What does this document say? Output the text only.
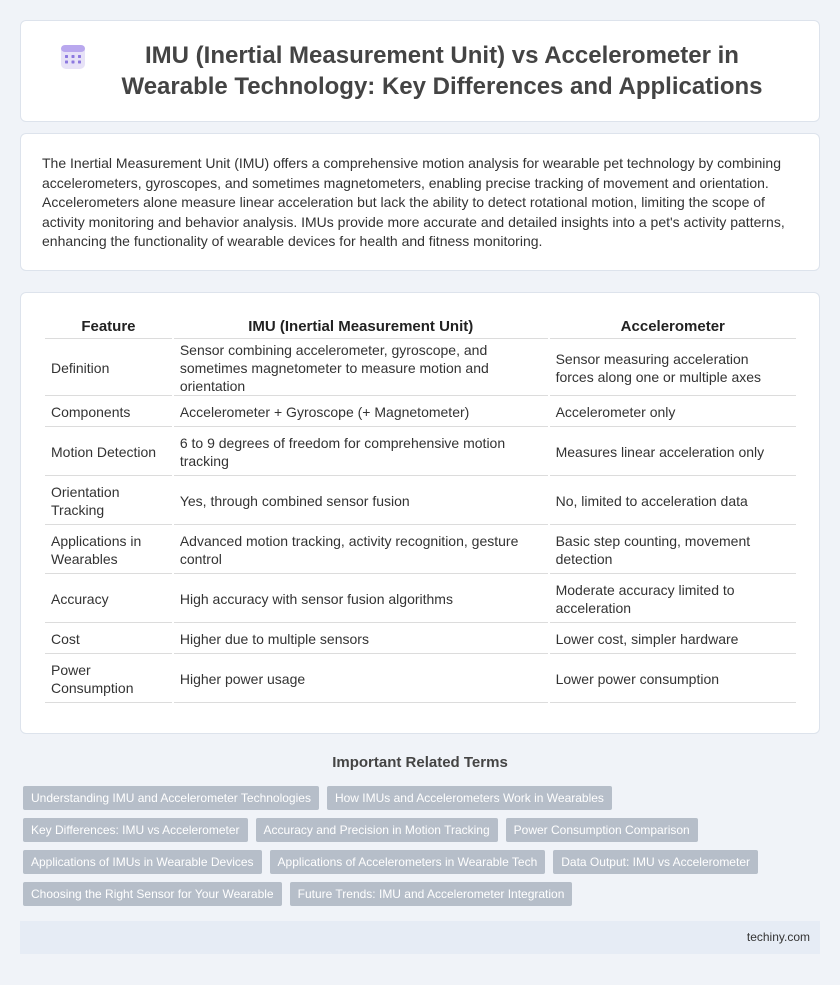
IMU (Inertial Measurement Unit) vs Accelerometer in Wearable Technology: Key Differences and Applications

The Inertial Measurement Unit (IMU) offers a comprehensive motion analysis for wearable pet technology by combining accelerometers, gyroscopes, and sometimes magnetometers, enabling precise tracking of movement and orientation. Accelerometers alone measure linear acceleration but lack the ability to detect rotational motion, limiting the scope of activity monitoring and behavior analysis. IMUs provide more accurate and detailed insights into a pet's activity patterns, enhancing the functionality of wearable devices for health and fitness monitoring.

Feature	IMU (Inertial Measurement Unit)	Accelerometer
Definition	Sensor combining accelerometer, gyroscope, and sometimes magnetometer to measure motion and orientation	Sensor measuring acceleration forces along one or multiple axes
Components	Accelerometer + Gyroscope (+ Magnetometer)	Accelerometer only
Motion Detection	6 to 9 degrees of freedom for comprehensive motion tracking	Measures linear acceleration only
Orientation Tracking	Yes, through combined sensor fusion	No, limited to acceleration data
Applications in Wearables	Advanced motion tracking, activity recognition, gesture control	Basic step counting, movement detection
Accuracy	High accuracy with sensor fusion algorithms	Moderate accuracy limited to acceleration
Cost	Higher due to multiple sensors	Lower cost, simpler hardware
Power Consumption	Higher power usage	Lower power consumption
Important Related Terms
Understanding IMU and Accelerometer Technologies	How IMUs and Accelerometers Work in Wearables
Key Differences: IMU vs Accelerometer	Accuracy and Precision in Motion Tracking	Power Consumption Comparison
Applications of IMUs in Wearable Devices	Applications of Accelerometers in Wearable Tech	Data Output: IMU vs Accelerometer
Choosing the Right Sensor for Your Wearable	Future Trends: IMU and Accelerometer Integration
techiny.com
